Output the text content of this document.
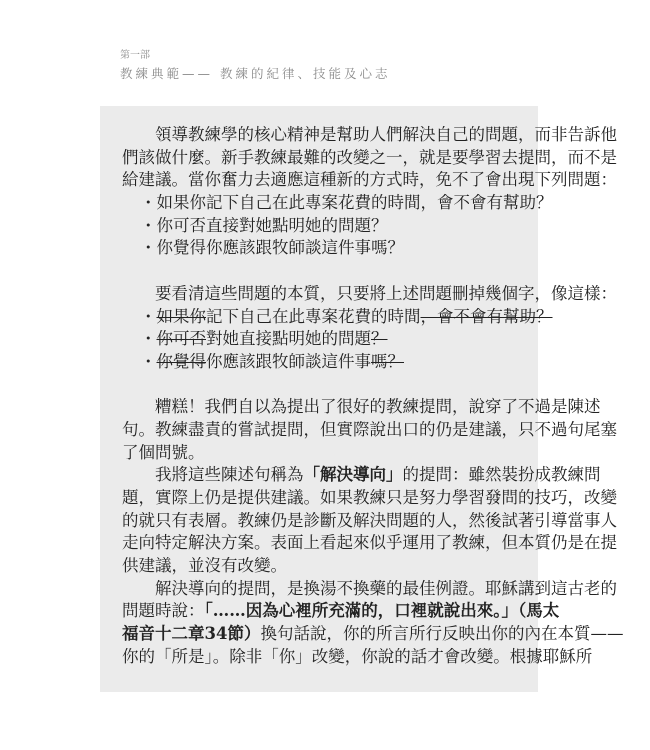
第一部
教練典範—— 教練的紀律、技能及心志
領導教練學的核心精神是幫助人們解決自己的問題，而非告訴他
們該做什麼。新手教練最難的改變之一，就是要學習去提問，而不是
給建議。當你奮力去適應這種新的方式時，免不了會出現下列問題：
・如果你記下自己在此專案花費的時間，會不會有幫助？
・你可否直接對她點明她的問題？
・你覺得你應該跟牧師談這件事嗎？
要看清這些問題的本質，只要將上述問題刪掉幾個字，像這樣：
・如果你記下自己在此專案花費的時間，會不會有幫助？
・你可否對她直接點明她的問題？
・你覺得你應該跟牧師談這件事嗎？
糟糕！我們自以為提出了很好的教練提問，說穿了不過是陳述
句。教練盡責的嘗試提問，但實際說出口的仍是建議，只不過句尾塞
了個問號。
我將這些陳述句稱為「解決導向」的提問：雖然裝扮成教練問
題，實際上仍是提供建議。如果教練只是努力學習發問的技巧，改變
的就只有表層。教練仍是診斷及解決問題的人，然後試著引導當事人
走向特定解決方案。表面上看起來似乎運用了教練，但本質仍是在提
供建議，並沒有改變。
解決導向的提問，是換湯不換藥的最佳例證。耶穌講到這古老的
問題時說：「……因為心裡所充滿的，口裡就說出來。」（馬太
福音十二章34節）換句話說，你的所言所行反映出你的內在本質——
你的「所是」。除非「你」改變，你說的話才會改變。根據耶穌所
